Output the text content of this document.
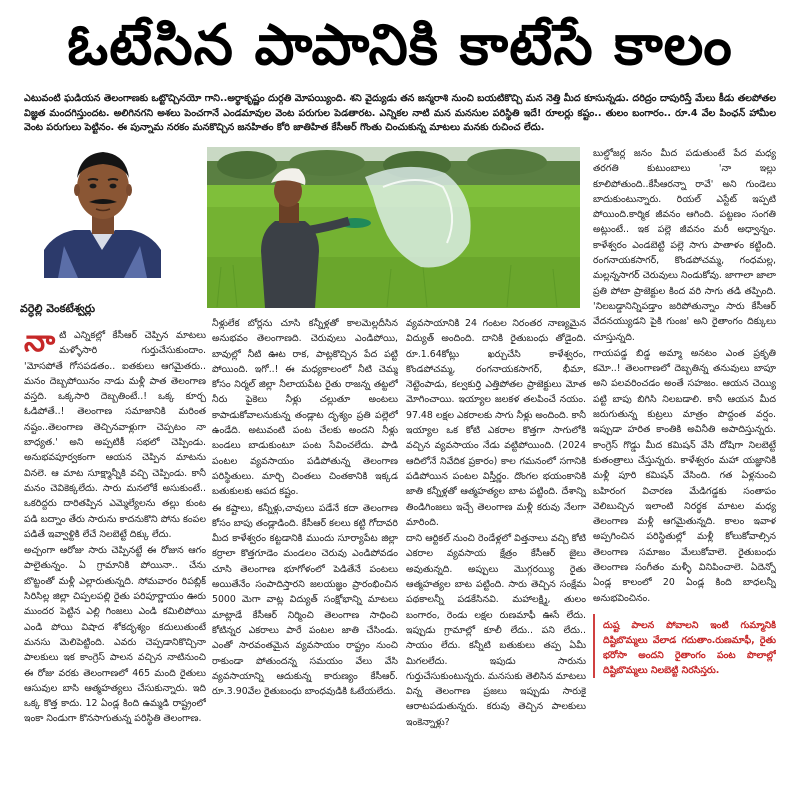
ఓటేసిన పాపానికి కాటేసే కాలం
ఎటువంటి ఘడియన తెలంగాణకు ఒట్టొచ్చినయో గాని..అర్థాకృష్ణం దుర్గతి మోపయ్యింది. శని వైద్యుడు తన జన్మరాశి నుంచి బయటికొచ్చి మన నెత్తి మీద కూసున్నడు. దరిద్రం దాపురిస్తే మేలు కీడు తలపోతల విజ్ఞత మందగిస్తుందట. అలిగినగని అశలు పెంచగానే ఎండమావుల వెంట పరుగుల పెడతారట. ఎన్నికల నాటి మన మనసుల పరిస్థితి ఇదే! రూలర్లు కష్టం.. తులం బంగారం.. రూ.4 వేల పింఛన్ హామీల వెంట పరుగులు పెట్టినం. ఈ పున్నామ నరకం మనకొచ్చిన జనహితం కోరి జాతిహిత కేసీఆర్ గొంతు చించుకున్న మాటలు మనకు రుచించ లేదు.
వర్ధెల్లి వెంకటేశ్వర్లు
నా టి ఎన్నికల్లో కేసీఆర్ చెప్పిన మాటలు మళ్ళోసారి గుర్తుచేసుకుందాం. 'మోసపోతే గోసపడతం.. ఐతకులు ఆగమైతరు.. మనం దెబ్బపోయినం నాడు మళ్లీ పాత తెలంగాణ వస్తది. ఒక్కసారి దెబ్బతింటే..! ఒక్క కూర్చ ఓడిపోతే..! తెలంగాణ సమాజానికి మరింత నష్టం..తెలంగాణ తెచ్చినవాళ్లుగా చెప్పటం నా బాధ్యత.' అని అప్పటికీ సభలో చెప్పిండు. అనుభవపూర్వకంగా ఆయన చెప్పిన మాటను వినలె. ఆ మాట సూక్ష్మాన్నీకి వచ్చి చెప్పిండు. కానీ మనం చెవికెక్కలేదు. సారు మనలోకే అసుకుంటే.. ఒకరిద్దరు దారితప్పిన ఎమ్మెల్యేలను తల్లు కుంట పడి బద్నాం తేరు సారును కాదనుకొని పోను కంపల పడితే ఇవ్వాళ్టికి లేచే నిలబెట్టే దిక్కు లేదు.

అచ్చంగా ఆరోజు సారు చెప్పినట్టే ఈ రోజున ఆగం పాలైతున్నం. ఏ గ్రామానికి పోయినా.. చేను బొట్టంతో మళ్లీ ఎల్లారుతున్నది. సోమవారం రిపబ్లిక్ సిరిసిల్ల జిల్లా చిప్పలపల్లి రైతు పరిపూర్ణాయం ఊరు ముందర పెట్టిన ఎల్లి గింజలు ఎండి కమిలిపోయి ఎండి పోయి విషాద శోకదృశ్యం కదులుతుంటే మనసు మెలిపెట్టింది. ఎవరు చెప్పడానికొచ్చినా పాలకులు ఇక కాంగ్రెస్ పాలన వచ్చిన నాటినుంచి ఈ రోజు వరకు తెలంగాణలో 465 మంది రైతులు ఆసువుల బాసి ఆత్మహత్యలు చేసుకున్నారు. ఇది ఒక్క కొత్త కాదు. 12 ఏండ్ల కింది ఉమ్మడి రాష్ట్రంలో ఇంకా నిండుగా కొనసాగుతున్న పరిస్థితి తెలంగాణ.

నీళ్లులేక బోర్లను చూసి కన్నీళ్లతో కాలమెల్లదీసిన అనుభవం తెలంగాణది. చెరువులు ఎండిపోయి, బావుల్లో నీటి ఊట రాక, పాట్లకొచ్చిన పేద పట్టి పోయింది. ఇగో..! ఈ మధ్యకాలంలో నీటి చెమ్మ కోసం నిర్మల్ జిల్లా నీలాయపేట రైతు రాజన్న తట్టలో నీరు పైకెలు నీళ్లు చల్లుతూ అంటలు కాపాడుకోవాలనుకున్న తండ్లాట దృశ్యం ప్రతి పల్లెలో ఉండేది. అటువంటి పంట చేలకు అందని నీళ్లు బండలు బాడుకుంటూ పంట సేవించలేదు. పాడి పంటల వ్యవసాయం పడిపోతున్న తెలంగాణ పరిస్థితులు. మార్చి చింతలు చింతకానికి ఇక్కడ బతుకులకు ఆపద కష్టం.

ఈ కష్టాలు, కన్నీళ్లు,చావులు పడేనే కదా తెలంగాణ కోసం బాపు తండ్లాడింది. కేసీఆర్ కలలు కట్టి గోదావరి మీద కాళేశ్వరం కట్టడానికి ముందు సూర్యాపేట జిల్లా కర్రాలా కొత్తగూడెం మండలం చెరువు ఎండిపోవడం చూసి తెలంగాణ భూగోళంలో పెడితేనే పంటలు అయితేనేం సంపాదిస్తారని జలయజ్ఞం ప్రారంభించిన 5000 మెగా వాట్ల విద్యుత్ సంక్షోభాన్ని మాటలు మాట్లాడే కేసీఆర్ నిర్మించి తెలంగాణ సాధించి కోటిన్నర ఎకరాలు పారే పంటల జాతి చేసిండు. ఎంతో సారవంతమైన వ్యవసాయం రాష్ట్రం నుంచి రాకుండా పోతుందన్న సమయం వేలు వేసి వ్యవసాయాన్ని ఆదుకున్న కారుణ్యం కేసీఆర్. రూ.3.90వేల రైతుబంధు బాంధవుడికి ఓటేయలేదు.

వ్యవసాయానికి 24 గంటల నిరంతర నాణ్యమైన విద్యుత్ అందింది. దానికి రైతుబంధు తోడైంది. రూ.1.64కోట్లు ఖర్చుచేసి కాళేశ్వరం, కొండపోచమ్మ, రంగనాయకసాగర్, భీమా, నెట్టెంపాడు, కల్వకుర్తి ఎత్తిపోతల ప్రాజెక్టులు మోత మోగించాయి. ఇయ్యాల జలకళ తలపించే నయం. 97.48 లక్షల ఎకరాలకు సాగు నీళ్లు అందింది. కానీ ఇయ్యాల ఒక కోటి ఎకరాల కొత్తగా సాగులోకి వచ్చిన వ్యవసాయం నేడు వట్టిపోయింది. (2024 ఆదిలోనే నివేదిక ప్రకారం) కాల గమనంలో సగానికి పడిపోయిన పంటల విస్తీర్ణం. దొంగల భయంకానికి జాతి కన్నీళ్లతో ఆత్మహత్యల బాట పట్టింది. దేశాన్ని తిండిగింజలు ఇచ్చే తెలంగాణ మళ్లీ కరువు నేలగా మారింది.

దాని ఆర్టికల్ నుంచి రెండేళ్లలో విత్తనాలు వచ్చి కోటి ఎకరాల వ్యవసాయ క్షేత్రం కేసీఆర్ జైలు అవుతున్నది. అప్పులు మొగ్గరయ్యి రైతు ఆత్మహత్యల బాట పట్టింది. సారు తెచ్చిన సంక్షేమ పథకాలన్నీ పడకేసినవి. మహాలక్ష్మి, తులం బంగారం, రెండు లక్షల రుణమాఫీ ఊసే లేదు. ఇప్పుడు గ్రామాల్లో కూలీ లేదు.. పని లేదు.. సాయం లేదు. కన్నీటి బతుకులు తప్ప ఏమీ మిగలలేదు. ఇపుడు సారును గుర్తుచేసుకుంటున్నరు. మనసుకు తెలిసిన మాటలు విన్న తెలంగాణ ప్రజలు ఇప్పుడు సారుకై ఆరాటపడుతున్నరు. కరువు తెచ్చిన పాలకులు ఇంకెన్నాళ్లు?

బుల్డోజర్ల జనం మీద పడుతుంటే పేద మధ్య తరగతి కుటుంబాలు 'నా ఇల్లు కూలిపోతుంది..కేసీఆరన్నా రావే' అని గుండెలు బాదుకుంటున్నారు. రియల్ ఎస్టేట్ ఇప్పటి పోయింది.కార్మిక జీవనం ఆగింది. పట్టణం సంగతి అట్లుంటే.. ఇక పల్లె జీవనం మరీ అధ్వాన్నం. కాళేశ్వరం ఎండబెట్టి పల్లె సాగు పాతాళం కట్టింది. రంగనాయకసాగర్, కొండపోచమ్మ, గంధమల్ల, మల్లన్నసాగర్ చెరువులు నిండుకోవు. జాగాలా జాలా ప్రతి పోటా ప్రాజెక్టుల కింద వరి సాగు తడి తప్పింది. 'నిలబడ్డానిన్నిపడ్తాం జరిపోతున్నాం సారు కేసీఆర్ వేదనయ్యుడని పైకి గుంజ' అని రైతాంగం దిక్కులు చూస్తున్నది.

గాయపడ్డ బిడ్డ అమ్మా అనటం ఎంత ప్రకృతి కమో..! తెలంగాణలో దెబ్బతిన్న తనువులు బాపూ అని పలవరించడం అంతే సహజం. ఆయన చెయ్యి పట్టి బాపు బిగిసి నిలబడాలి. కానీ ఆయన మీద జరుగుతున్న కుట్రలు మాత్రం పొద్దంత వర్షం. ఇప్పుడా హరిత కాంతికి అవినీతి అపాదిస్తున్నరు. కాంగ్రెస్ గొడ్డు మీద కమిషన్ వేసి దోషిగా నిలబెట్టే కుతంత్రాలు చేస్తున్నరు. కాళేశ్వరం మహా యజ్ఞానికి మళ్లీ పూరి కమిషన్ వేసింది. గత ఏళ్లనుంచి బహిరంగ విచారణ మేడిగడ్డకు సంతాపం వెలిబుచ్చిన ఇలాంటి నిరర్థక మాటల మధ్య తెలంగాణ మళ్లీ ఆగమైతున్నది. కాలం ఇవాళ అప్పగించిన పరిస్థితుల్లో మళ్లీ కోలుకోవాల్సిన తెలంగాణ సమాజం మేలుకోవాలె. రైతుబంధు తెలంగాణ సంగీతం మళ్ళీ వినిపించాలె. ఏదెన్నో ఏండ్ల కాలంలో 20 ఏండ్ల కింది బాధలన్నీ అనుభవించినం.

దుష్ట పాలన పోవాలని ఇంటి గుమ్మానికి దిష్టిబొమ్మలు వేలాడ గదుతాం.రుణమాఫీ, రైతు భరోసా అందని రైతాంగం పంట పొలాల్లో దిష్టిబొమ్మలు నిలబెట్టి నిరసిస్తరు.
